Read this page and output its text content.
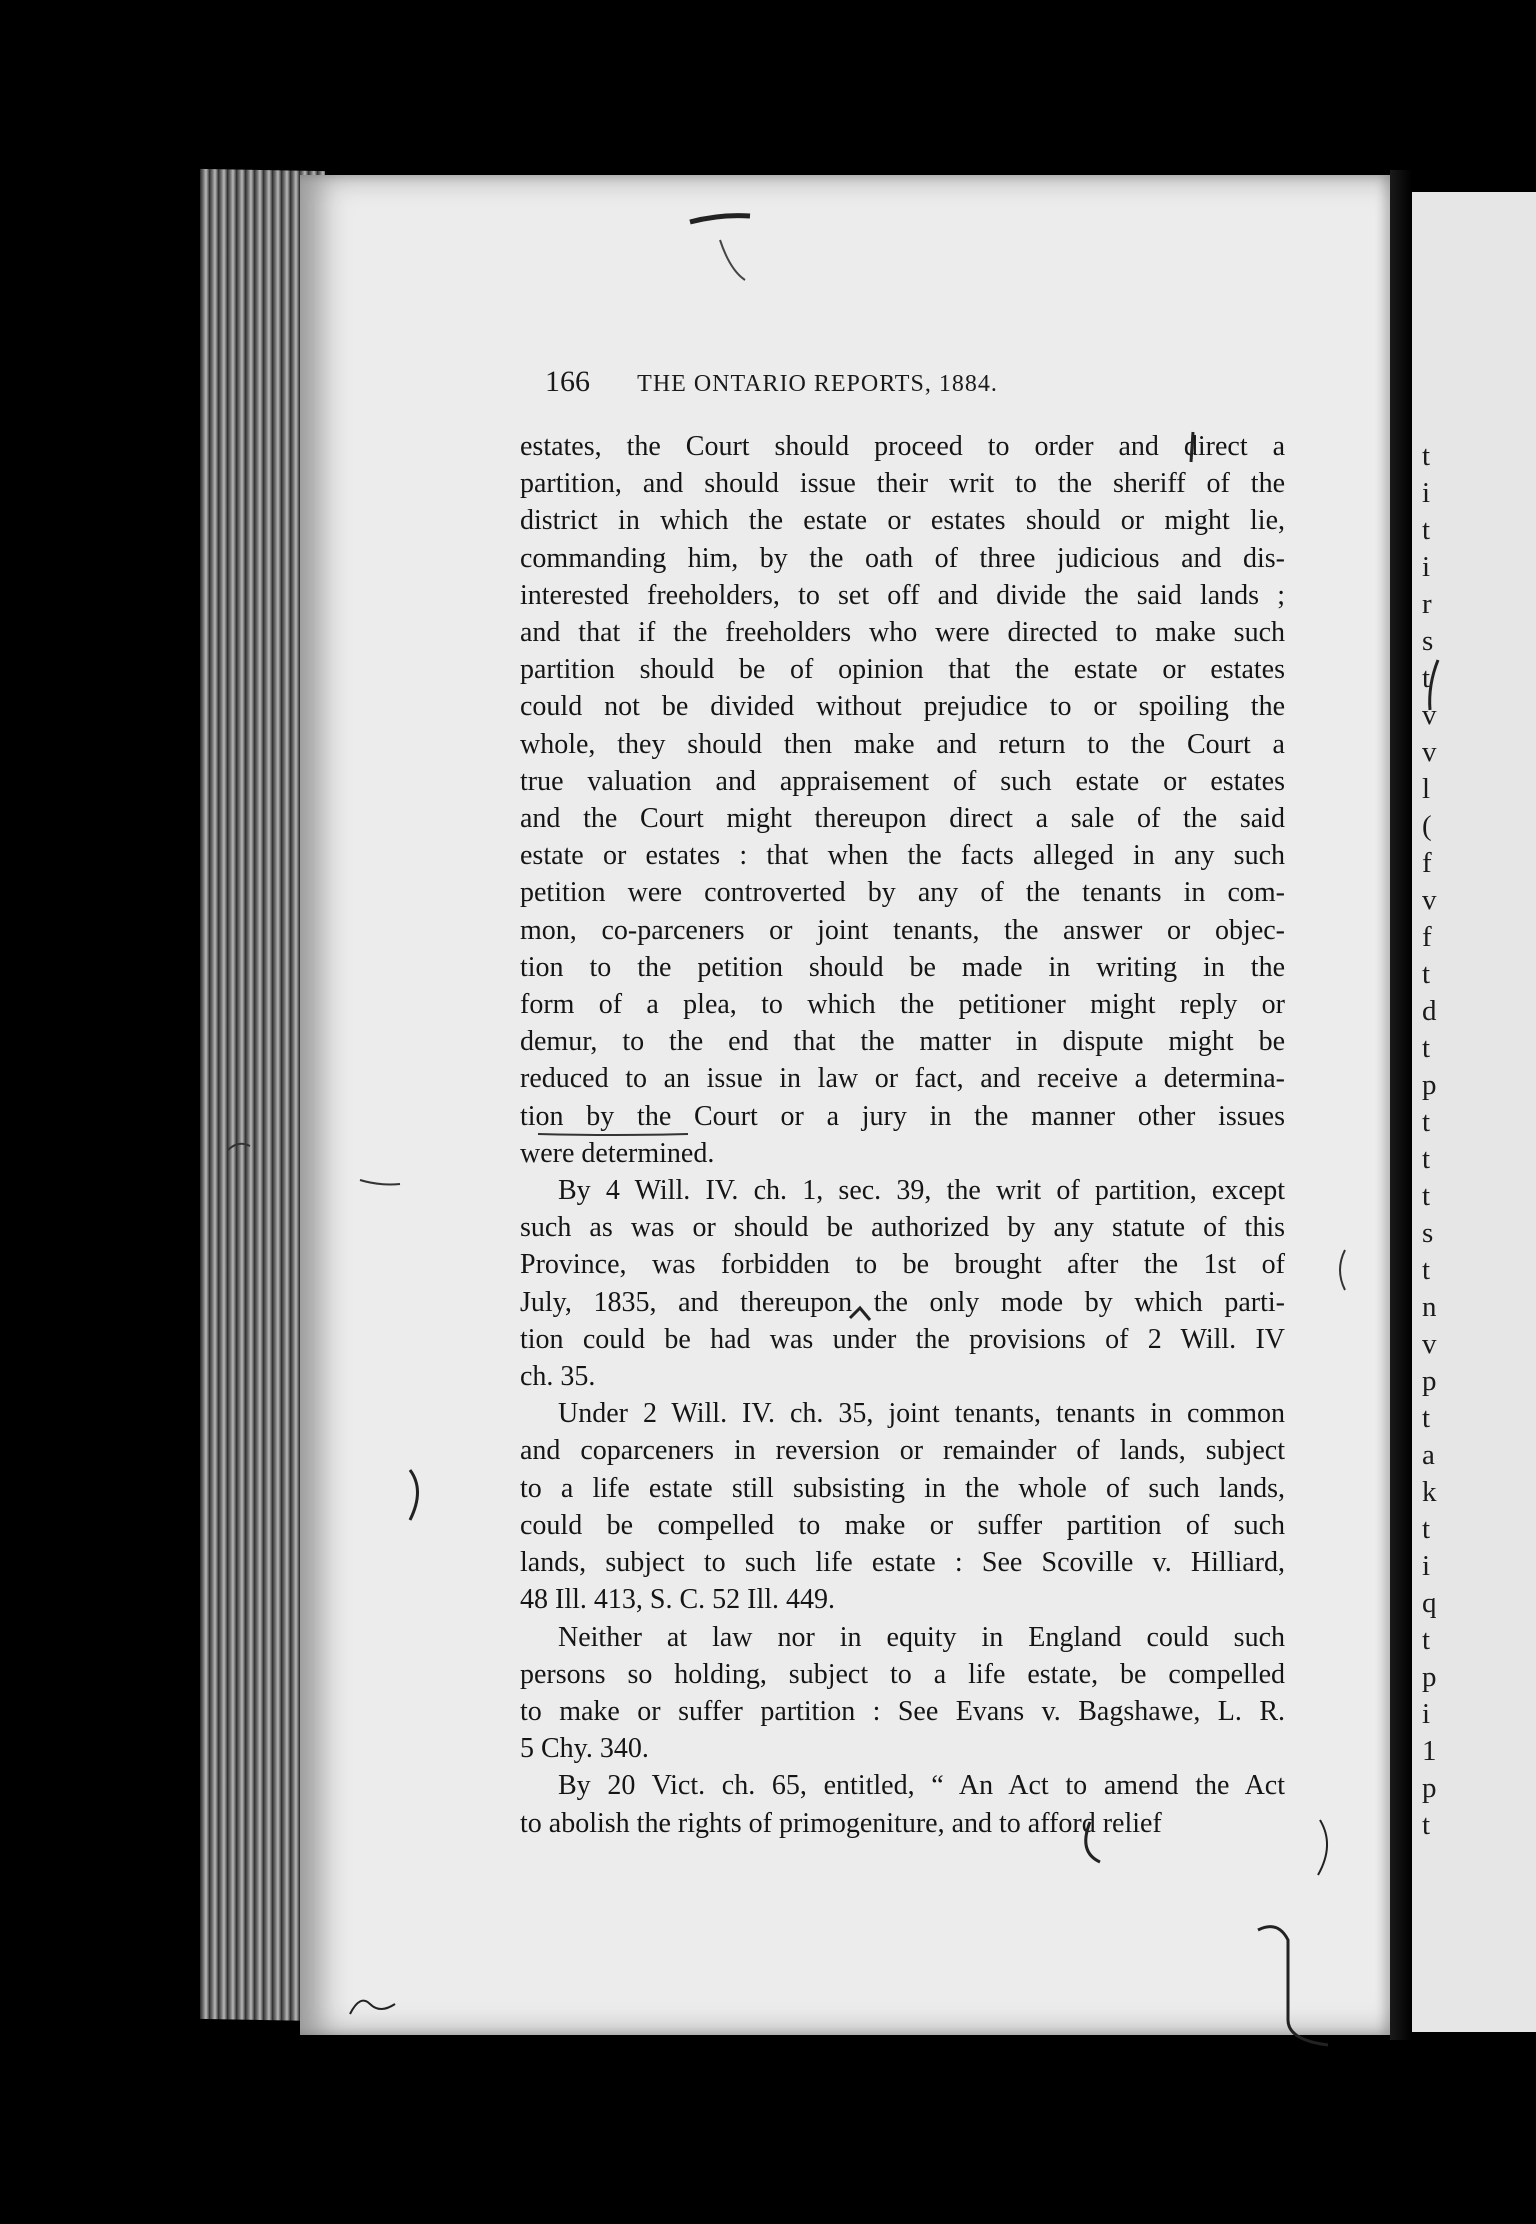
t
i
t
i
r
s
t
v
v
l
(
f
v
f
t
d
t
p
t
t
t
s
t
n
v
p
t
a
k
t
i
q
t
p
i
1
p
t
166 THE ONTARIO REPORTS, 1884.

estates, the Court should proceed to order and direct a
partition, and should issue their writ to the sheriff of the
district in which the estate or estates should or might lie,
commanding him, by the oath of three judicious and dis-
interested freeholders, to set off and divide the said lands ;
and that if the freeholders who were directed to make such
partition should be of opinion that the estate or estates
could not be divided without prejudice to or spoiling the
whole, they should then make and return to the Court a
true valuation and appraisement of such estate or estates
and the Court might thereupon direct a sale of the said
estate or estates : that when the facts alleged in any such
petition were controverted by any of the tenants in com-
mon, co-parceners or joint tenants, the answer or objec-
tion to the petition should be made in writing in the
form of a plea, to which the petitioner might reply or
demur, to the end that the matter in dispute might be
reduced to an issue in law or fact, and receive a determina-
tion by the Court or a jury in the manner other issues
were determined.

By 4 Will. IV. ch. 1, sec. 39, the writ of partition, except
such as was or should be authorized by any statute of this
Province, was forbidden to be brought after the 1st of
July, 1835, and thereupon the only mode by which parti-
tion could be had was under the provisions of 2 Will. IV
ch. 35.

Under 2 Will. IV. ch. 35, joint tenants, tenants in common
and coparceners in reversion or remainder of lands, subject
to a life estate still subsisting in the whole of such lands,
could be compelled to make or suffer partition of such
lands, subject to such life estate : See Scoville v. Hilliard,
48 Ill. 413, S. C. 52 Ill. 449.

Neither at law nor in equity in England could such
persons so holding, subject to a life estate, be compelled
to make or suffer partition : See Evans v. Bagshawe, L. R.
5 Chy. 340.

By 20 Vict. ch. 65, entitled, “ An Act to amend the Act
to abolish the rights of primogeniture, and to afford relief
